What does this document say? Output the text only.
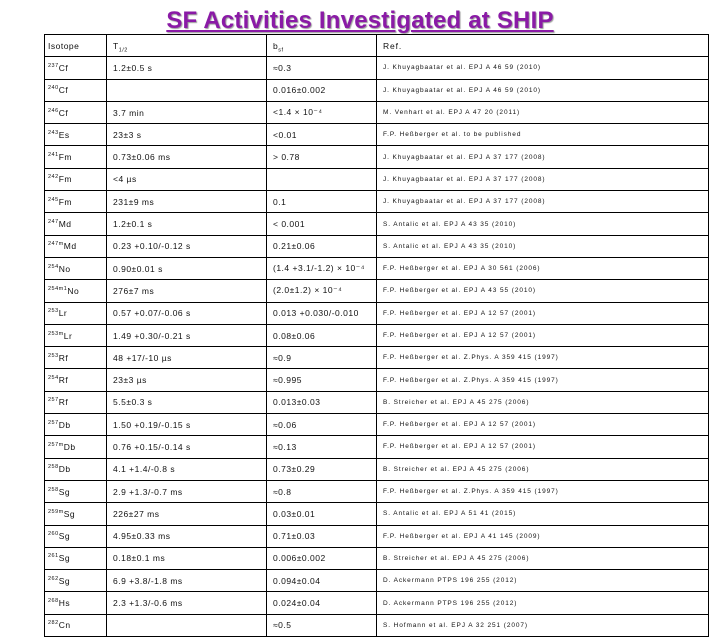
SF Activities Investigated at SHIP
Isotope	$T_{1/2}$	$b_{sf}$	Ref.
$^{237}$Cf	1.2±0.5 s	≈0.3	J. Khuyagbaatar et al. EPJ A 46 59 (2010)
$^{240}$Cf		0.016±0.002	J. Khuyagbaatar et al. EPJ A 46 59 (2010)
$^{246}$Cf	3.7 min	<1.4 × 10⁻⁴	M. Venhart et al. EPJ A 47 20 (2011)
$^{243}$Es	23±3 s	<0.01	F.P. Heßberger et al. to be published
$^{241}$Fm	0.73±0.06 ms	> 0.78	J. Khuyagbaatar et al. EPJ A 37 177 (2008)
$^{242}$Fm	<4 µs		J. Khuyagbaatar et al. EPJ A 37 177 (2008)
$^{245}$Fm	231±9 ms	0.1	J. Khuyagbaatar et al. EPJ A 37 177 (2008)
$^{247}$Md	1.2±0.1 s	< 0.001	S. Antalic et al. EPJ A 43 35 (2010)
$^{247m}$Md	0.23 +0.10/-0.12 s	0.21±0.06	S. Antalic et al. EPJ A 43 35 (2010)
$^{254}$No	0.90±0.01 s	(1.4 +3.1/-1.2) × 10⁻⁴	F.P. Heßberger et al. EPJ A 30 561 (2006)
$^{254m1}$No	276±7 ms	(2.0±1.2) × 10⁻⁴	F.P. Heßberger et al. EPJ A 43 55 (2010)
$^{253}$Lr	0.57 +0.07/-0.06 s	0.013 +0.030/-0.010	F.P. Heßberger et al. EPJ A 12 57 (2001)
$^{253m}$Lr	1.49 +0.30/-0.21 s	0.08±0.06	F.P. Heßberger et al. EPJ A 12 57 (2001)
$^{253}$Rf	48 +17/-10 µs	≈0.9	F.P. Heßberger et al. Z.Phys. A 359 415 (1997)
$^{254}$Rf	23±3 µs	≈0.995	F.P. Heßberger et al. Z.Phys. A 359 415 (1997)
$^{257}$Rf	5.5±0.3 s	0.013±0.03	B. Streicher et al. EPJ A 45 275 (2006)
$^{257}$Db	1.50 +0.19/-0.15 s	≈0.06	F.P. Heßberger et al. EPJ A 12 57 (2001)
$^{257m}$Db	0.76 +0.15/-0.14 s	≈0.13	F.P. Heßberger et al. EPJ A 12 57 (2001)
$^{258}$Db	4.1 +1.4/-0.8 s	0.73±0.29	B. Streicher et al. EPJ A 45 275 (2006)
$^{258}$Sg	2.9 +1.3/-0.7 ms	≈0.8	F.P. Heßberger et al. Z.Phys. A 359 415 (1997)
$^{259m}$Sg	226±27 ms	0.03±0.01	S. Antalic et al. EPJ A 51 41 (2015)
$^{260}$Sg	4.95±0.33 ms	0.71±0.03	F.P. Heßberger et al. EPJ A 41 145 (2009)
$^{261}$Sg	0.18±0.1 ms	0.006±0.002	B. Streicher et al. EPJ A 45 275 (2006)
$^{262}$Sg	6.9 +3.8/-1.8 ms	0.094±0.04	D. Ackermann PTPS 196 255 (2012)
$^{268}$Hs	2.3 +1.3/-0.6 ms	0.024±0.04	D. Ackermann PTPS 196 255 (2012)
$^{282}$Cn		≈0.5	S. Hofmann et al. EPJ A 32 251 (2007)
